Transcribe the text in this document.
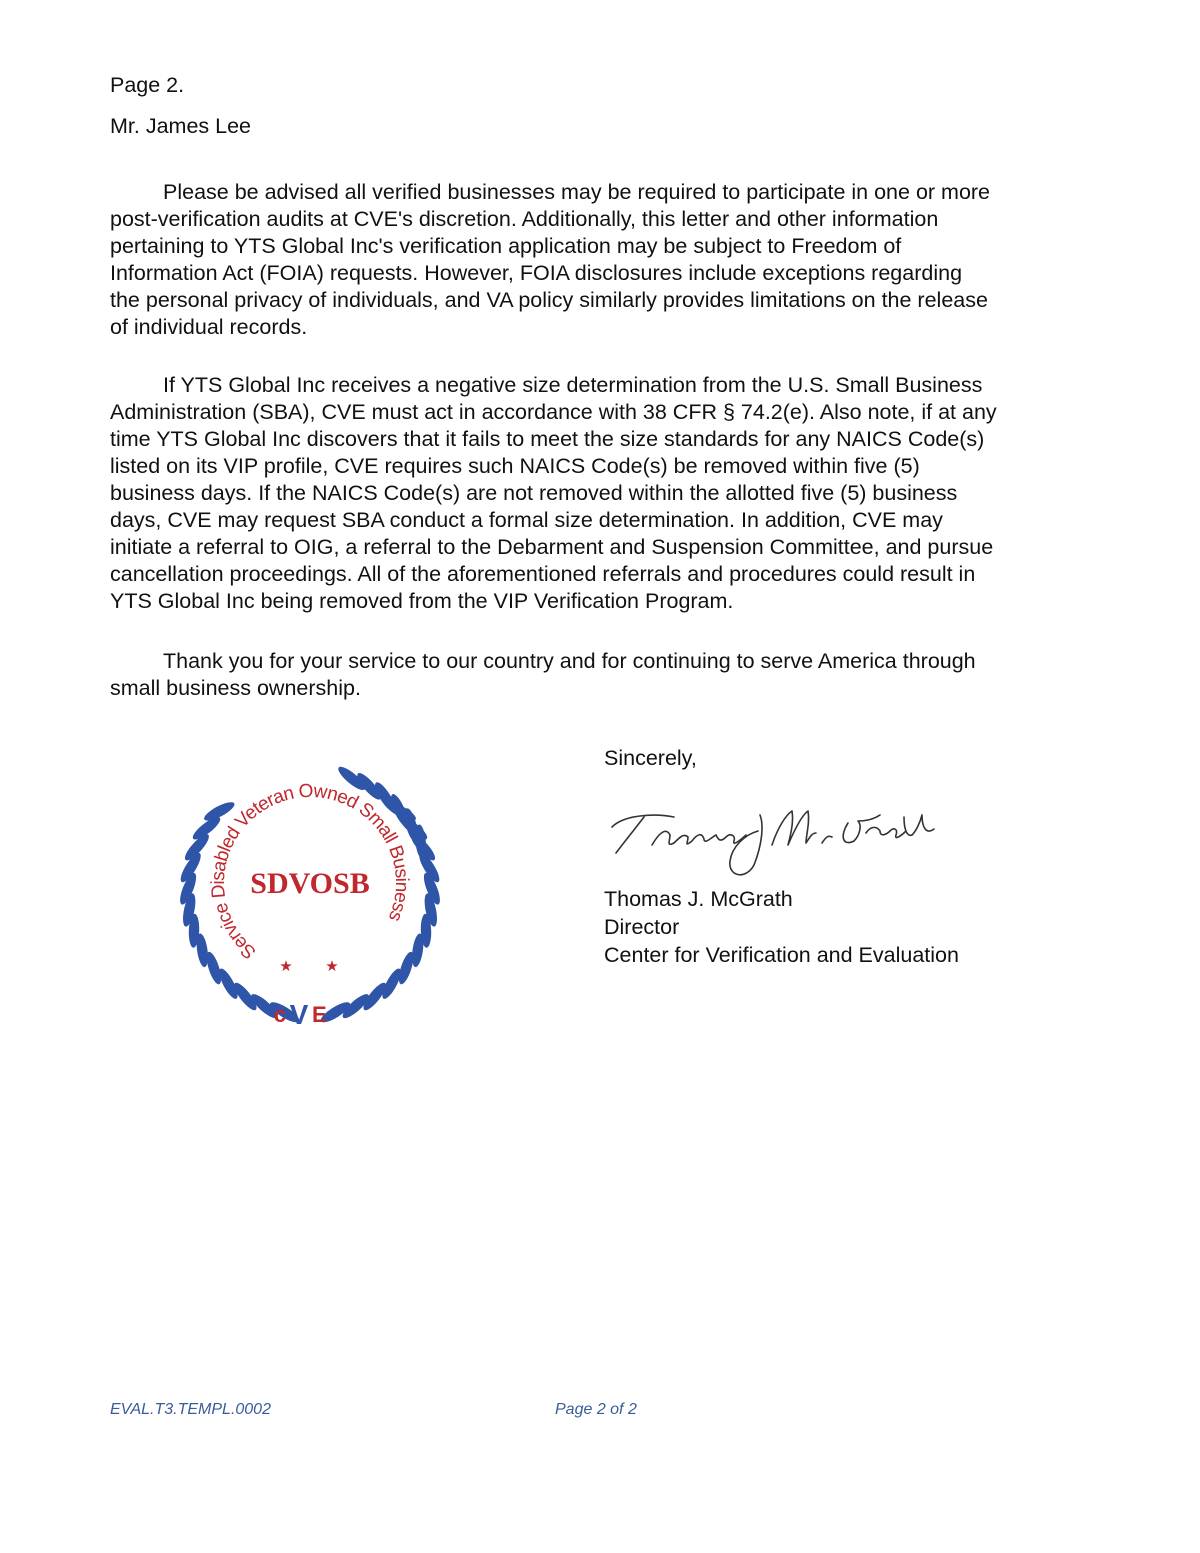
Page 2.
Mr. James Lee

Please be advised all verified businesses may be required to participate in one or more
post-verification audits at CVE's discretion. Additionally, this letter and other information
pertaining to YTS Global Inc's verification application may be subject to Freedom of
Information Act (FOIA) requests. However, FOIA disclosures include exceptions regarding
the personal privacy of individuals, and VA policy similarly provides limitations on the release
of individual records.

If YTS Global Inc receives a negative size determination from the U.S. Small Business
Administration (SBA), CVE must act in accordance with 38 CFR § 74.2(e). Also note, if at any
time YTS Global Inc discovers that it fails to meet the size standards for any NAICS Code(s)
listed on its VIP profile, CVE requires such NAICS Code(s) be removed within five (5)
business days. If the NAICS Code(s) are not removed within the allotted five (5) business
days, CVE may request SBA conduct a formal size determination. In addition, CVE may
initiate a referral to OIG, a referral to the Debarment and Suspension Committee, and pursue
cancellation proceedings. All of the aforementioned referrals and procedures could result in
YTS Global Inc being removed from the VIP Verification Program.

Thank you for your service to our country and for continuing to serve America through
small business ownership.

Service Disabled Veteran Owned Small Business
SDVOSB
★ ★
c V E
Sincerely,
Thomas J. McGrath
Director
Center for Verification and Evaluation
EVAL.T3.TEMPL.0002	Page 2 of 2
